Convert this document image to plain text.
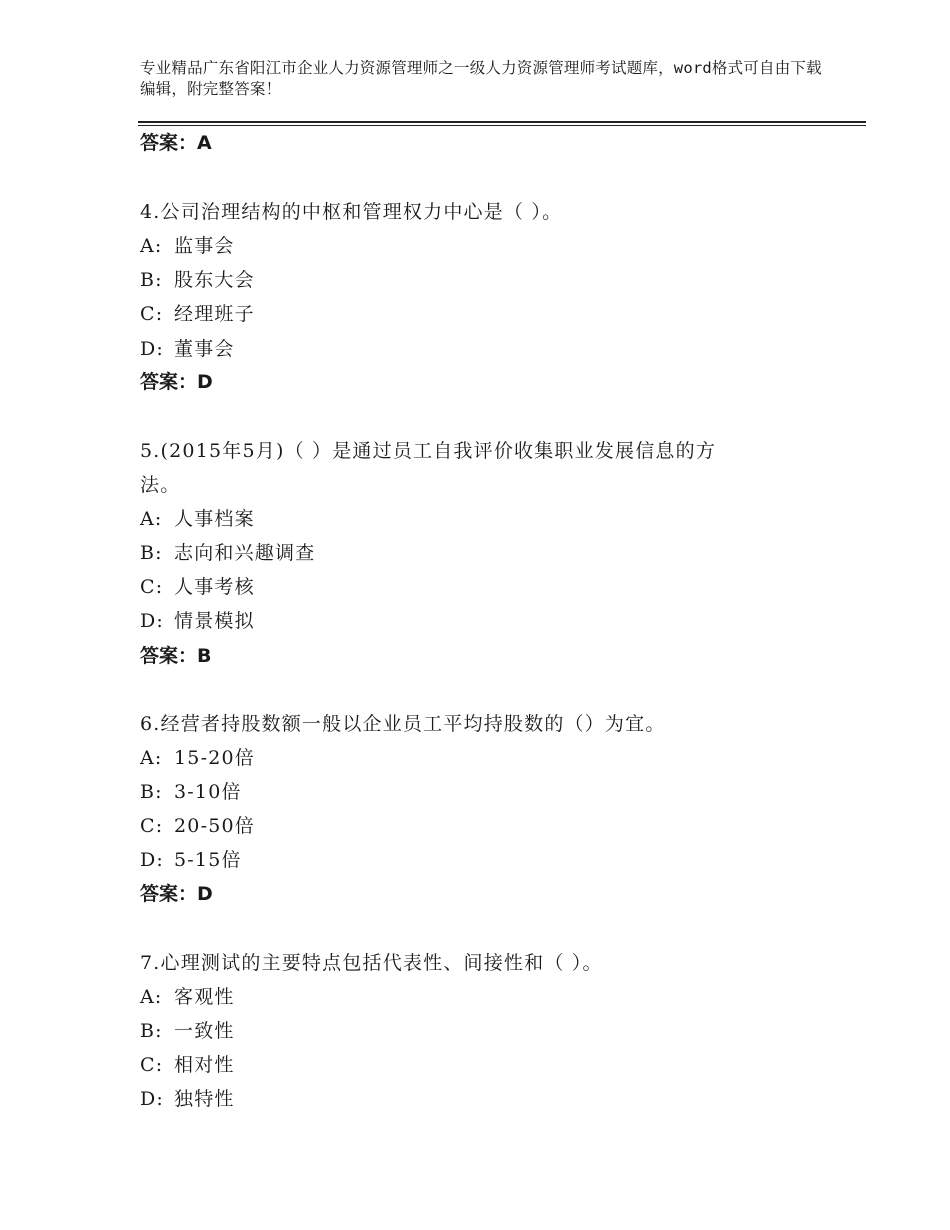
专业精品广东省阳江市企业人力资源管理师之一级人力资源管理师考试题库，word格式可自由下载编辑，附完整答案！
答案：A
4.公司治理结构的中枢和管理权力中心是（ ）。
A: 监事会
B: 股东大会
C: 经理班子
D: 董事会
答案：D
5.(2015年5月)（ ）是通过员工自我评价收集职业发展信息的方
法。
A: 人事档案
B: 志向和兴趣调查
C: 人事考核
D: 情景模拟
答案：B
6.经营者持股数额一般以企业员工平均持股数的（）为宜。
A: 15-20倍
B: 3-10倍
C: 20-50倍
D: 5-15倍
答案：D
7.心理测试的主要特点包括代表性、间接性和（ ）。
A: 客观性
B: 一致性
C: 相对性
D: 独特性
